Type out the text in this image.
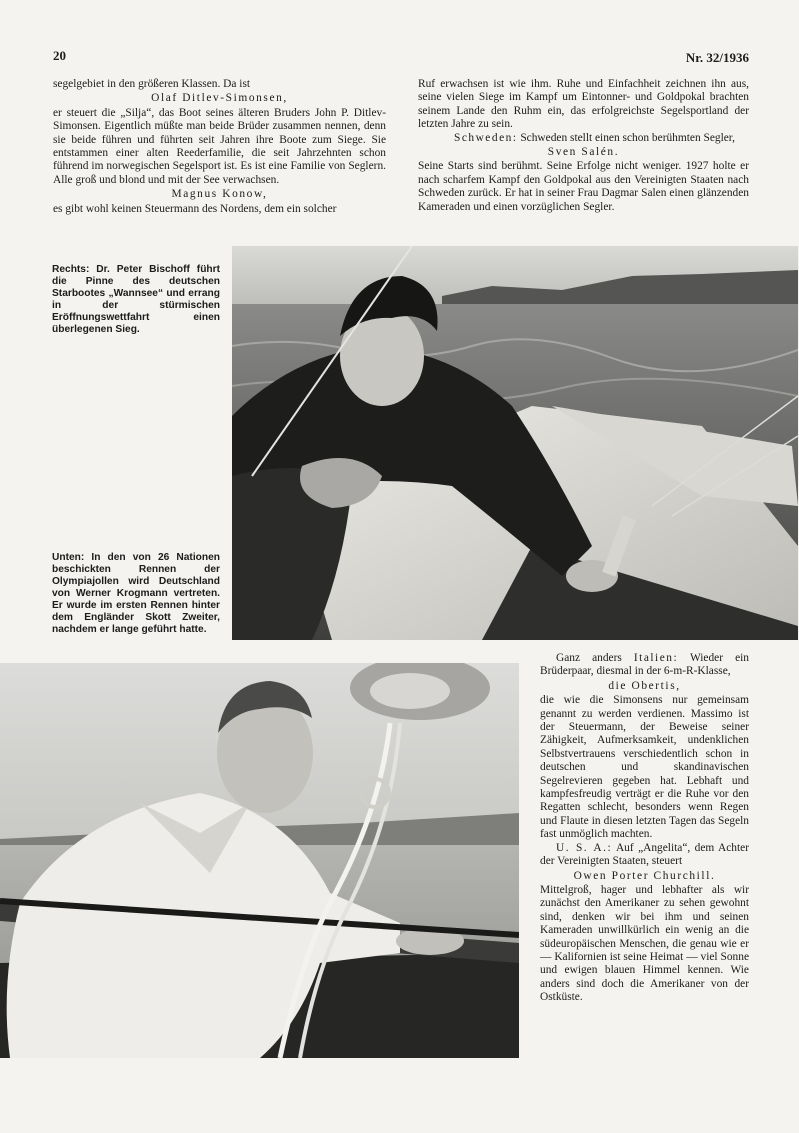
20	Nr. 32/1936

segelgebiet in den größeren Klassen. Da ist

Olaf Ditlev-Simonsen,

er steuert die „Silja“, das Boot seines älteren Bruders John P. Ditlev-Simonsen. Eigentlich müßte man beide Brüder zusammen nennen, denn sie beide führen und führten seit Jahren ihre Boote zum Siege. Sie entstammen einer alten Reederfamilie, die seit Jahrzehnten schon führend im norwegischen Segelsport ist. Es ist eine Familie von Seglern. Alle groß und blond und mit der See verwachsen.

Magnus Konow,

es gibt wohl keinen Steuermann des Nordens, dem ein solcher

Ruf erwachsen ist wie ihm. Ruhe und Einfachheit zeichnen ihn aus, seine vielen Siege im Kampf um Eintonner- und Goldpokal brachten seinem Lande den Ruhm ein, das erfolgreichste Segelsportland der letzten Jahre zu sein.

Schweden: Schweden stellt einen schon berühmten Segler,

Sven Salén.

Seine Starts sind berühmt. Seine Erfolge nicht weniger. 1927 holte er nach scharfem Kampf den Goldpokal aus den Vereinigten Staaten nach Schweden zurück. Er hat in seiner Frau Dagmar Salen einen glänzenden Kameraden und einen vorzüglichen Segler.

Rechts: Dr. Peter Bischoff führt die Pinne des deutschen Starbootes „Wannsee“ und errang in der stürmischen Eröffnungswettfahrt einen überlegenen Sieg.
Unten: In den von 26 Nationen beschickten Rennen der Olympiajollen wird Deutschland von Werner Krogmann vertreten. Er wurde im ersten Rennen hinter dem Engländer Skott Zweiter, nachdem er lange geführt hatte.

Ganz anders Italien: Wieder ein Brüderpaar, diesmal in der 6-m-R-Klasse,

die Obertis,

die wie die Simonsens nur gemeinsam genannt zu werden verdienen. Massimo ist der Steuermann, der Beweise seiner Zähigkeit, Aufmerksamkeit, undenklichen Selbstvertrauens verschiedentlich schon in deutschen und skandinavischen Segelrevieren gegeben hat. Lebhaft und kampfesfreudig verträgt er die Ruhe vor den Regatten schlecht, besonders wenn Regen und Flaute in diesen letzten Tagen das Segeln fast unmöglich machten.

U. S. A.: Auf „Angelita“, dem Achter der Vereinigten Staaten, steuert

Owen Porter Churchill.

Mittelgroß, hager und lebhafter als wir zunächst den Amerikaner zu sehen gewohnt sind, denken wir bei ihm und seinen Kameraden unwillkürlich ein wenig an die südeuropäischen Menschen, die genau wie er — Kalifornien ist seine Heimat — viel Sonne und ewigen blauen Himmel kennen. Wie anders sind doch die Amerikaner von der Ostküste.
